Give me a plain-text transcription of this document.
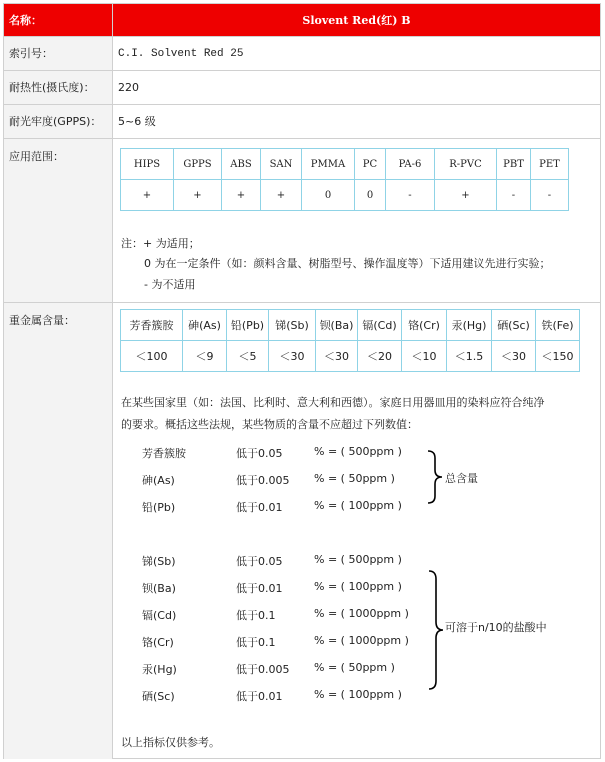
名称：	Slovent Red(红) B
索引号：	C.I. Solvent Red 25
耐热性(摄氏度)：	220
耐光牢度(GPPS)：	5~6 级
应用范围：
HIPS	GPPS	ABS	SAN	PMMA	PC	PA-6	R-PVC	PBT	PET
+	+	+	+	0	0	-	+	-	-
注：+ 为适用；
0 为在一定条件（如：颜料含量、树脂型号、操作温度等）下适用建议先进行实验；
- 为不适用
重金属含量：	芳香簇胺	砷(As)	铅(Pb)	锑(Sb)	钡(Ba)	镉(Cd)	铬(Cr)	汞(Hg)	硒(Sc)	铁(Fe)
＜100	＜9	＜5	＜30	＜30	＜20	＜10	＜1.5	＜30	＜150
在某些国家里（如：法国、比利时、意大利和西德）。家庭日用器皿用的染料应符合纯净
的要求。概括这些法规，某些物质的含量不应超过下列数值：
芳香簇胺	低于0.05	% = ( 500ppm )
砷(As)	低于0.005 % = ( 50ppm )
铅(Pb)	低于0.01	% = ( 100ppm )
总含量
锑(Sb)	低于0.05	% = ( 500ppm )
钡(Ba)	低于0.01	% = ( 100ppm )
镉(Cd)	低于0.1	% = ( 1000ppm )
铬(Cr)	低于0.1	% = ( 1000ppm )
汞(Hg)	低于0.005 % = ( 50ppm )
硒(Sc)	低于0.01	% = ( 100ppm )
可溶于n/10的盐酸中
以上指标仅供参考。
